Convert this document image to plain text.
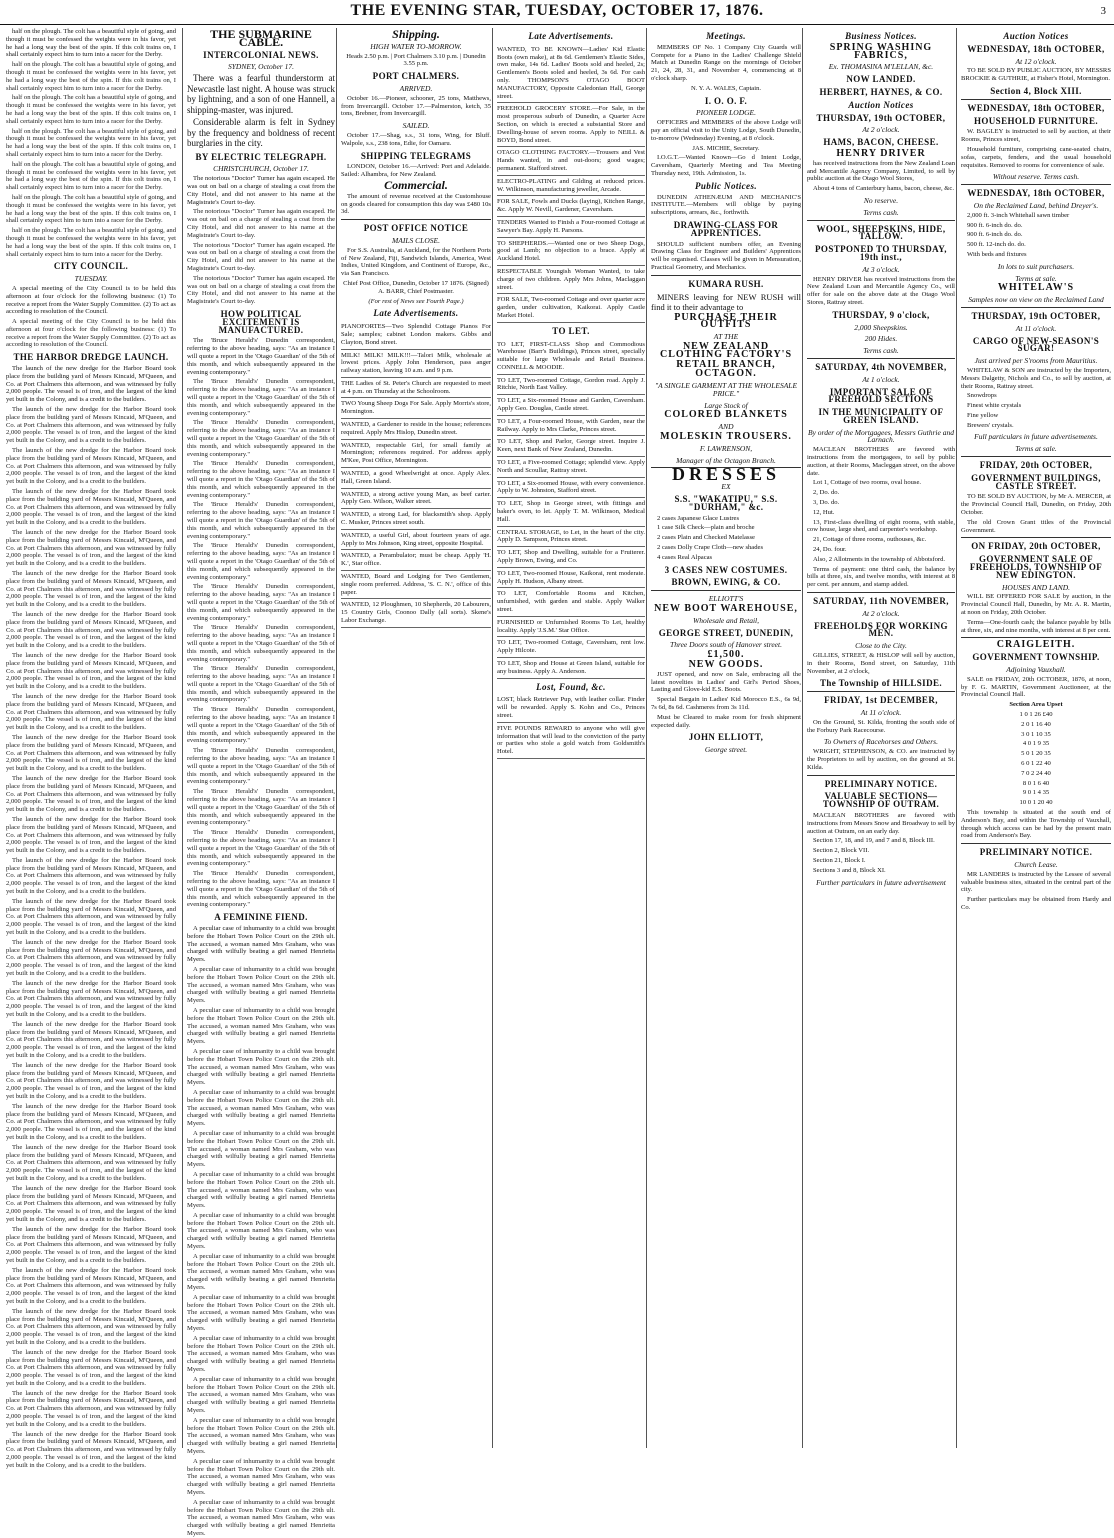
THE EVENING STAR, TUESDAY, OCTOBER 17, 1876.	3

half on the plough. The colt has a beautiful style of going, and though it must be confessed the weights were in his favor, yet he had a long way the best of the spin. If this colt trains on, I shall certainly expect him to turn into a racer for the Derby.

half on the plough. The colt has a beautiful style of going, and though it must be confessed the weights were in his favor, yet he had a long way the best of the spin. If this colt trains on, I shall certainly expect him to turn into a racer for the Derby.

half on the plough. The colt has a beautiful style of going, and though it must be confessed the weights were in his favor, yet he had a long way the best of the spin. If this colt trains on, I shall certainly expect him to turn into a racer for the Derby.

half on the plough. The colt has a beautiful style of going, and though it must be confessed the weights were in his favor, yet he had a long way the best of the spin. If this colt trains on, I shall certainly expect him to turn into a racer for the Derby.

half on the plough. The colt has a beautiful style of going, and though it must be confessed the weights were in his favor, yet he had a long way the best of the spin. If this colt trains on, I shall certainly expect him to turn into a racer for the Derby.

half on the plough. The colt has a beautiful style of going, and though it must be confessed the weights were in his favor, yet he had a long way the best of the spin. If this colt trains on, I shall certainly expect him to turn into a racer for the Derby.

half on the plough. The colt has a beautiful style of going, and though it must be confessed the weights were in his favor, yet he had a long way the best of the spin. If this colt trains on, I shall certainly expect him to turn into a racer for the Derby.

CITY COUNCIL.
TUESDAY.

A special meeting of the City Council is to be held this afternoon at four o'clock for the following business: (1) To receive a report from the Water Supply Committee. (2) To act as according to resolution of the Council.

A special meeting of the City Council is to be held this afternoon at four o'clock for the following business: (1) To receive a report from the Water Supply Committee. (2) To act as according to resolution of the Council.

THE HARBOR DREDGE LAUNCH.

The launch of the new dredge for the Harbor Board took place from the building yard of Messrs Kincaid, M'Queen, and Co. at Port Chalmers this afternoon, and was witnessed by fully 2,000 people. The vessel is of iron, and the largest of the kind yet built in the Colony, and is a credit to the builders.

The launch of the new dredge for the Harbor Board took place from the building yard of Messrs Kincaid, M'Queen, and Co. at Port Chalmers this afternoon, and was witnessed by fully 2,000 people. The vessel is of iron, and the largest of the kind yet built in the Colony, and is a credit to the builders.

The launch of the new dredge for the Harbor Board took place from the building yard of Messrs Kincaid, M'Queen, and Co. at Port Chalmers this afternoon, and was witnessed by fully 2,000 people. The vessel is of iron, and the largest of the kind yet built in the Colony, and is a credit to the builders.

The launch of the new dredge for the Harbor Board took place from the building yard of Messrs Kincaid, M'Queen, and Co. at Port Chalmers this afternoon, and was witnessed by fully 2,000 people. The vessel is of iron, and the largest of the kind yet built in the Colony, and is a credit to the builders.

The launch of the new dredge for the Harbor Board took place from the building yard of Messrs Kincaid, M'Queen, and Co. at Port Chalmers this afternoon, and was witnessed by fully 2,000 people. The vessel is of iron, and the largest of the kind yet built in the Colony, and is a credit to the builders.

The launch of the new dredge for the Harbor Board took place from the building yard of Messrs Kincaid, M'Queen, and Co. at Port Chalmers this afternoon, and was witnessed by fully 2,000 people. The vessel is of iron, and the largest of the kind yet built in the Colony, and is a credit to the builders.

The launch of the new dredge for the Harbor Board took place from the building yard of Messrs Kincaid, M'Queen, and Co. at Port Chalmers this afternoon, and was witnessed by fully 2,000 people. The vessel is of iron, and the largest of the kind yet built in the Colony, and is a credit to the builders.

The launch of the new dredge for the Harbor Board took place from the building yard of Messrs Kincaid, M'Queen, and Co. at Port Chalmers this afternoon, and was witnessed by fully 2,000 people. The vessel is of iron, and the largest of the kind yet built in the Colony, and is a credit to the builders.

The launch of the new dredge for the Harbor Board took place from the building yard of Messrs Kincaid, M'Queen, and Co. at Port Chalmers this afternoon, and was witnessed by fully 2,000 people. The vessel is of iron, and the largest of the kind yet built in the Colony, and is a credit to the builders.

The launch of the new dredge for the Harbor Board took place from the building yard of Messrs Kincaid, M'Queen, and Co. at Port Chalmers this afternoon, and was witnessed by fully 2,000 people. The vessel is of iron, and the largest of the kind yet built in the Colony, and is a credit to the builders.

The launch of the new dredge for the Harbor Board took place from the building yard of Messrs Kincaid, M'Queen, and Co. at Port Chalmers this afternoon, and was witnessed by fully 2,000 people. The vessel is of iron, and the largest of the kind yet built in the Colony, and is a credit to the builders.

The launch of the new dredge for the Harbor Board took place from the building yard of Messrs Kincaid, M'Queen, and Co. at Port Chalmers this afternoon, and was witnessed by fully 2,000 people. The vessel is of iron, and the largest of the kind yet built in the Colony, and is a credit to the builders.

The launch of the new dredge for the Harbor Board took place from the building yard of Messrs Kincaid, M'Queen, and Co. at Port Chalmers this afternoon, and was witnessed by fully 2,000 people. The vessel is of iron, and the largest of the kind yet built in the Colony, and is a credit to the builders.

The launch of the new dredge for the Harbor Board took place from the building yard of Messrs Kincaid, M'Queen, and Co. at Port Chalmers this afternoon, and was witnessed by fully 2,000 people. The vessel is of iron, and the largest of the kind yet built in the Colony, and is a credit to the builders.

The launch of the new dredge for the Harbor Board took place from the building yard of Messrs Kincaid, M'Queen, and Co. at Port Chalmers this afternoon, and was witnessed by fully 2,000 people. The vessel is of iron, and the largest of the kind yet built in the Colony, and is a credit to the builders.

The launch of the new dredge for the Harbor Board took place from the building yard of Messrs Kincaid, M'Queen, and Co. at Port Chalmers this afternoon, and was witnessed by fully 2,000 people. The vessel is of iron, and the largest of the kind yet built in the Colony, and is a credit to the builders.

The launch of the new dredge for the Harbor Board took place from the building yard of Messrs Kincaid, M'Queen, and Co. at Port Chalmers this afternoon, and was witnessed by fully 2,000 people. The vessel is of iron, and the largest of the kind yet built in the Colony, and is a credit to the builders.

The launch of the new dredge for the Harbor Board took place from the building yard of Messrs Kincaid, M'Queen, and Co. at Port Chalmers this afternoon, and was witnessed by fully 2,000 people. The vessel is of iron, and the largest of the kind yet built in the Colony, and is a credit to the builders.

The launch of the new dredge for the Harbor Board took place from the building yard of Messrs Kincaid, M'Queen, and Co. at Port Chalmers this afternoon, and was witnessed by fully 2,000 people. The vessel is of iron, and the largest of the kind yet built in the Colony, and is a credit to the builders.

The launch of the new dredge for the Harbor Board took place from the building yard of Messrs Kincaid, M'Queen, and Co. at Port Chalmers this afternoon, and was witnessed by fully 2,000 people. The vessel is of iron, and the largest of the kind yet built in the Colony, and is a credit to the builders.

The launch of the new dredge for the Harbor Board took place from the building yard of Messrs Kincaid, M'Queen, and Co. at Port Chalmers this afternoon, and was witnessed by fully 2,000 people. The vessel is of iron, and the largest of the kind yet built in the Colony, and is a credit to the builders.

The launch of the new dredge for the Harbor Board took place from the building yard of Messrs Kincaid, M'Queen, and Co. at Port Chalmers this afternoon, and was witnessed by fully 2,000 people. The vessel is of iron, and the largest of the kind yet built in the Colony, and is a credit to the builders.

The launch of the new dredge for the Harbor Board took place from the building yard of Messrs Kincaid, M'Queen, and Co. at Port Chalmers this afternoon, and was witnessed by fully 2,000 people. The vessel is of iron, and the largest of the kind yet built in the Colony, and is a credit to the builders.

The launch of the new dredge for the Harbor Board took place from the building yard of Messrs Kincaid, M'Queen, and Co. at Port Chalmers this afternoon, and was witnessed by fully 2,000 people. The vessel is of iron, and the largest of the kind yet built in the Colony, and is a credit to the builders.

The launch of the new dredge for the Harbor Board took place from the building yard of Messrs Kincaid, M'Queen, and Co. at Port Chalmers this afternoon, and was witnessed by fully 2,000 people. The vessel is of iron, and the largest of the kind yet built in the Colony, and is a credit to the builders.

The launch of the new dredge for the Harbor Board took place from the building yard of Messrs Kincaid, M'Queen, and Co. at Port Chalmers this afternoon, and was witnessed by fully 2,000 people. The vessel is of iron, and the largest of the kind yet built in the Colony, and is a credit to the builders.

The launch of the new dredge for the Harbor Board took place from the building yard of Messrs Kincaid, M'Queen, and Co. at Port Chalmers this afternoon, and was witnessed by fully 2,000 people. The vessel is of iron, and the largest of the kind yet built in the Colony, and is a credit to the builders.

THE SUBMARINE CABLE.
INTERCOLONIAL NEWS.
SYDNEY, October 17.

There was a fearful thunderstorm at Newcastle last night. A house was struck by lightning, and a son of one Hannell, a shipping-master, was injured.

Considerable alarm is felt in Sydney by the frequency and boldness of recent burglaries in the city.

BY ELECTRIC TELEGRAPH.
CHRISTCHURCH, October 17.

The notorious "Doctor" Turner has again escaped. He was out on bail on a charge of stealing a coat from the City Hotel, and did not answer to his name at the Magistrate's Court to-day.

The notorious "Doctor" Turner has again escaped. He was out on bail on a charge of stealing a coat from the City Hotel, and did not answer to his name at the Magistrate's Court to-day.

The notorious "Doctor" Turner has again escaped. He was out on bail on a charge of stealing a coat from the City Hotel, and did not answer to his name at the Magistrate's Court to-day.

The notorious "Doctor" Turner has again escaped. He was out on bail on a charge of stealing a coat from the City Hotel, and did not answer to his name at the Magistrate's Court to-day.

HOW POLITICAL EXCITEMENT IS MANUFACTURED.

The 'Bruce Herald's' Dunedin correspondent, referring to the above heading, says: "As an instance I will quote a report in the 'Otago Guardian' of the 5th of this month, and which subsequently appeared in the evening contemporary."

The 'Bruce Herald's' Dunedin correspondent, referring to the above heading, says: "As an instance I will quote a report in the 'Otago Guardian' of the 5th of this month, and which subsequently appeared in the evening contemporary."

The 'Bruce Herald's' Dunedin correspondent, referring to the above heading, says: "As an instance I will quote a report in the 'Otago Guardian' of the 5th of this month, and which subsequently appeared in the evening contemporary."

The 'Bruce Herald's' Dunedin correspondent, referring to the above heading, says: "As an instance I will quote a report in the 'Otago Guardian' of the 5th of this month, and which subsequently appeared in the evening contemporary."

The 'Bruce Herald's' Dunedin correspondent, referring to the above heading, says: "As an instance I will quote a report in the 'Otago Guardian' of the 5th of this month, and which subsequently appeared in the evening contemporary."

The 'Bruce Herald's' Dunedin correspondent, referring to the above heading, says: "As an instance I will quote a report in the 'Otago Guardian' of the 5th of this month, and which subsequently appeared in the evening contemporary."

The 'Bruce Herald's' Dunedin correspondent, referring to the above heading, says: "As an instance I will quote a report in the 'Otago Guardian' of the 5th of this month, and which subsequently appeared in the evening contemporary."

The 'Bruce Herald's' Dunedin correspondent, referring to the above heading, says: "As an instance I will quote a report in the 'Otago Guardian' of the 5th of this month, and which subsequently appeared in the evening contemporary."

The 'Bruce Herald's' Dunedin correspondent, referring to the above heading, says: "As an instance I will quote a report in the 'Otago Guardian' of the 5th of this month, and which subsequently appeared in the evening contemporary."

The 'Bruce Herald's' Dunedin correspondent, referring to the above heading, says: "As an instance I will quote a report in the 'Otago Guardian' of the 5th of this month, and which subsequently appeared in the evening contemporary."

The 'Bruce Herald's' Dunedin correspondent, referring to the above heading, says: "As an instance I will quote a report in the 'Otago Guardian' of the 5th of this month, and which subsequently appeared in the evening contemporary."

The 'Bruce Herald's' Dunedin correspondent, referring to the above heading, says: "As an instance I will quote a report in the 'Otago Guardian' of the 5th of this month, and which subsequently appeared in the evening contemporary."

The 'Bruce Herald's' Dunedin correspondent, referring to the above heading, says: "As an instance I will quote a report in the 'Otago Guardian' of the 5th of this month, and which subsequently appeared in the evening contemporary."

The 'Bruce Herald's' Dunedin correspondent, referring to the above heading, says: "As an instance I will quote a report in the 'Otago Guardian' of the 5th of this month, and which subsequently appeared in the evening contemporary."

A FEMININE FIEND.

A peculiar case of inhumanity to a child was brought before the Hobart Town Police Court on the 29th ult. The accused, a woman named Mrs Graham, who was charged with wilfully beating a girl named Henrietta Myers.

A peculiar case of inhumanity to a child was brought before the Hobart Town Police Court on the 29th ult. The accused, a woman named Mrs Graham, who was charged with wilfully beating a girl named Henrietta Myers.

A peculiar case of inhumanity to a child was brought before the Hobart Town Police Court on the 29th ult. The accused, a woman named Mrs Graham, who was charged with wilfully beating a girl named Henrietta Myers.

A peculiar case of inhumanity to a child was brought before the Hobart Town Police Court on the 29th ult. The accused, a woman named Mrs Graham, who was charged with wilfully beating a girl named Henrietta Myers.

A peculiar case of inhumanity to a child was brought before the Hobart Town Police Court on the 29th ult. The accused, a woman named Mrs Graham, who was charged with wilfully beating a girl named Henrietta Myers.

A peculiar case of inhumanity to a child was brought before the Hobart Town Police Court on the 29th ult. The accused, a woman named Mrs Graham, who was charged with wilfully beating a girl named Henrietta Myers.

A peculiar case of inhumanity to a child was brought before the Hobart Town Police Court on the 29th ult. The accused, a woman named Mrs Graham, who was charged with wilfully beating a girl named Henrietta Myers.

A peculiar case of inhumanity to a child was brought before the Hobart Town Police Court on the 29th ult. The accused, a woman named Mrs Graham, who was charged with wilfully beating a girl named Henrietta Myers.

A peculiar case of inhumanity to a child was brought before the Hobart Town Police Court on the 29th ult. The accused, a woman named Mrs Graham, who was charged with wilfully beating a girl named Henrietta Myers.

A peculiar case of inhumanity to a child was brought before the Hobart Town Police Court on the 29th ult. The accused, a woman named Mrs Graham, who was charged with wilfully beating a girl named Henrietta Myers.

A peculiar case of inhumanity to a child was brought before the Hobart Town Police Court on the 29th ult. The accused, a woman named Mrs Graham, who was charged with wilfully beating a girl named Henrietta Myers.

A peculiar case of inhumanity to a child was brought before the Hobart Town Police Court on the 29th ult. The accused, a woman named Mrs Graham, who was charged with wilfully beating a girl named Henrietta Myers.

A peculiar case of inhumanity to a child was brought before the Hobart Town Police Court on the 29th ult. The accused, a woman named Mrs Graham, who was charged with wilfully beating a girl named Henrietta Myers.

A peculiar case of inhumanity to a child was brought before the Hobart Town Police Court on the 29th ult. The accused, a woman named Mrs Graham, who was charged with wilfully beating a girl named Henrietta Myers.

A peculiar case of inhumanity to a child was brought before the Hobart Town Police Court on the 29th ult. The accused, a woman named Mrs Graham, who was charged with wilfully beating a girl named Henrietta Myers.

Shipping.
HIGH WATER TO-MORROW.

Heads 2.50 p.m. | Port Chalmers 3.10 p.m. | Dunedin 3.55 p.m.

PORT CHALMERS.
ARRIVED.

October 16.—Pioneer, schooner, 25 tons, Matthews, from Invercargill. October 17.—Palmerston, ketch, 35 tons, Brebner, from Invercargill.

SAILED.

October 17.—Shag, s.s., 31 tons, Wing, for Bluff. Walpole, s.s., 238 tons, Edie, for Oamaru.

SHIPPING TELEGRAMS

LONDON, October 16.—Arrived: Port and Adelaide. Sailed: Alhambra, for New Zealand.

Commercial.

The amount of revenue received at the Customhouse on goods cleared for consumption this day was £480 10s 3d.

POST OFFICE NOTICE
MAILS CLOSE.

For S.S. Australia, at Auckland, for the Northern Ports of New Zealand, Fiji, Sandwich Islands, America, West Indies, United Kingdom, and Continent of Europe, &c., via San Francisco.

Chief Post Office, Dunedin, October 17 1876. (Signed) A. BARR, Chief Postmaster.

(For rest of News see Fourth Page.)

Late Advertisements.
PIANOFORTES—Two Splendid Cottage Pianos For Sale; samples; cabinet London makers. Gibbs and Clayton, Bond street.
MILK! MILK! MILK!!!—Talori Milk, wholesale at lowest prices. Apply John Henderson, pass anger railway station, leaving 10 a.m. and 9 p.m.
THE Ladies of St. Peter's Church are requested to meet at 4 p.m. on Thursday at the Schoolroom.
TWO Young Sheep Dogs For Sale. Apply Morris's store, Mornington.
WANTED, a Gardener to reside in the house; references required. Apply Mrs Hislop, Dunedin street.
WANTED, respectable Girl, for small family at Mornington; references required. For address apply M'Kee, Post Office, Mornington.
WANTED, a good Wheelwright at once. Apply Alex. Hall, Green Island.
WANTED, a strong active young Man, as beef carter. Apply Geo. Wilson, Walker street.
WANTED, a strong Lad, for blacksmith's shop. Apply C. Musker, Princes street south.
WANTED, a useful Girl, about fourteen years of age. Apply to Mrs Johnson, King street, opposite Hospital.
WANTED, a Perambulator; must be cheap. Apply 'H. K.', Star office.
WANTED, Board and Lodging for Two Gentlemen, single room preferred. Address, 'S. C. N.', office of this paper.
WANTED, 12 Ploughmen, 10 Shepherds, 20 Labourers, 15 Country Girls, Coonoo Dally (all sorts). Skene's Labor Exchange.
Late Advertisements.
WANTED, TO BE KNOWN—Ladies' Kid Elastic Boots (own make), at 8s 6d. Gentlemen's Elastic Sides, own make, 14s 6d. Ladies' Boots sold and heeled, 2s; Gentlemen's Boots soled and heeled, 3s 6d. For cash only. THOMPSON'S OTAGO BOOT MANUFACTORY, Opposite Caledonian Hall, George street.
FREEHOLD GROCERY STORE.—For Sale, in the most prosperous suburb of Dunedin, a Quarter Acre Section, on which is erected a substantial Store and Dwelling-house of seven rooms. Apply to NEILL & BOYD, Bond street.
OTAGO CLOTHING FACTORY.—Trousers and Vest Hands wanted, in and out-doors; good wages; permanent. Stafford street.
ELECTRO-PLATING and Gilding at reduced prices. W. Wilkinson, manufacturing jeweller, Arcade.
FOR SALE, Fowls and Ducks (laying), Kitchen Range, &c. Apply W. Nevill, Gardener, Caversham.
TENDERS Wanted to Finish a Four-roomed Cottage at Sawyer's Bay. Apply H. Parsons.
TO SHEPHERDS.—Wanted one or two Sheep Dogs, good at Lamb; no objection to a brace. Apply at Auckland Hotel.
RESPECTABLE Youngish Woman Wanted, to take charge of two children. Apply Mrs Johns, Maclaggan street.
FOR SALE, Two-roomed Cottage and over quarter acre garden, under cultivation, Kaikorai. Apply Castle Market Hotel.
TO LET.
TO LET, FIRST-CLASS Shop and Commodious Warehouse (Barr's Buildings), Princes street, specially suitable for large Wholesale and Retail Business. CONNELL & MOODIE.
TO LET, Two-roomed Cottage, Gordon road. Apply J. Ritchie, North East Valley.
TO LET, a Six-roomed House and Garden, Caversham. Apply Geo. Douglas, Castle street.
TO LET, a Four-roomed House, with Garden, near the Railway. Apply to Mrs Clarke, Princes street.
TO LET, Shop and Parlor, George street. Inquire J. Keen, next Bank of New Zealand, Dunedin.
TO LET, a Five-roomed Cottage; splendid view. Apply North and Scoullar, Rattray street.
TO LET, a Six-roomed House, with every convenience. Apply to W. Johnston, Stafford street.
TO LET, Shop in George street, with fittings and baker's oven, to let. Apply T. M. Wilkinson, Medical Hall.
CENTRAL STORAGE, to Let, in the heart of the city. Apply D. Sampson, Princes street.
TO LET, Shop and Dwelling, suitable for a Fruiterer. Apply Brown, Ewing, and Co.
TO LET, Two-roomed House, Kaikorai, rent moderate. Apply H. Hudson, Albany street.
TO LET, Comfortable Rooms and Kitchen, unfurnished, with garden and stable. Apply Walker street.
FURNISHED or Unfurnished Rooms To Let, healthy locality. Apply 'J.S.M.' Star Office.
TO LET, Two-roomed Cottage, Caversham, rent low. Apply Hilcote.
TO LET, Shop and House at Green Island, suitable for any business. Apply A. Anderson.
Lost, Found, &c.
LOST, black Retriever Pup, with leather collar. Finder will be rewarded. Apply S. Kohn and Co., Princes street.
FIVE POUNDS REWARD to anyone who will give information that will lead to the conviction of the party or parties who stole a gold watch from Goldsmith's Hotel.
Meetings.

MEMBERS OF No. 1 Company City Guards will Compete for a Piano in the Ladies' Challenge Shield Match at Dunedin Range on the mornings of October 21, 24, 28, 31, and November 4, commencing at 8 o'clock sharp.

N. Y. A. WALES, Captain.

I. O. O. F.
PIONEER LODGE.

OFFICERS and MEMBERS of the above Lodge will pay an official visit to the Unity Lodge, South Dunedin, to-morrow (Wednesday) Evening, at 8 o'clock.

JAS. MICHIE, Secretary.

I.O.G.T.—Wanted Known—Go d Intent Lodge, Caversham, Quarterly Meeting and Tea Meeting Thursday next, 19th. Admission, 1s.

Public Notices.

DUNEDIN ATHENÆUM AND MECHANIC'S INSTITUTE.—Members will oblige by paying subscriptions, arrears, &c., forthwith.

DRAWING-CLASS FOR APPRENTICES.

SHOULD sufficient numbers offer, an Evening Drawing Class for Engineer and Builders' Apprentices will be organised. Classes will be given in Mensuration, Practical Geometry, and Mechanics.

KUMARA RUSH.

MINERS leaving for NEW RUSH will find it to their advantage to

PURCHASE THEIR OUTFITS
AT THE
NEW ZEALAND CLOTHING FACTORY'S
RETAIL BRANCH,
OCTAGON.
"A SINGLE GARMENT AT THE WHOLESALE PRICE."
Large Stock of
COLORED BLANKETS
AND
MOLESKIN TROUSERS.
F. LAWRENSON,
Manager of the Octagon Branch.
DRESSES
EX
S.S. "WAKATIPU," S.S. "DURHAM," &c.

2 cases Japanese Glace Lustres

1 case Silk Check—plain and broche

2 cases Plain and Checked Matelasse

2 cases Dolly Crape Cloth—new shades

4 cases Real Alpacas

3 CASES NEW COSTUMES.
BROWN, EWING, & CO.
ELLIOTT'S
NEW BOOT WAREHOUSE,
Wholesale and Retail,
GEORGE STREET, DUNEDIN,
Three Doors south of Hanover street.
£1,500.
NEW GOODS.

JUST opened, and now on Sale, embracing all the latest novelties in Ladies' and Girl's Period Shoes, Lasting and Glove-kid E.S. Boots.

Special Bargain in Ladies' Kid Morocco E.S., 6s 9d, 7s 6d, 8s 6d. Cashmeres from 3s 11d.

Must be Cleared to make room for fresh shipment expected daily.

JOHN ELLIOTT,
George street.
Business Notices.
SPRING WASHING FABRICS,
Ex. THOMASINA M'LELLAN, &c.
NOW LANDED.
HERBERT, HAYNES, & CO.
Auction Notices
THURSDAY, 19th OCTOBER,
At 2 o'clock.
HAMS, BACON, CHEESE.
HENRY DRIVER

has received instructions from the New Zealand Loan and Mercantile Agency Company, Limited, to sell by public auction at the Otago Wool Stores,

About 4 tons of Canterbury hams, bacon, cheese, &c.

No reserve.
Terms cash.
WOOL, SHEEPSKINS, HIDE, TALLOW.
POSTPONED TO THURSDAY, 19th inst.,
At 3 o'clock.

HENRY DRIVER has received instructions from the New Zealand Loan and Mercantile Agency Co., will offer for sale on the above date at the Otago Wool Stores, Rattray street.

THURSDAY, 9 o'clock,
2,000 Sheepskins.
200 Hides.
Terms cash.
SATURDAY, 4th NOVEMBER,
At 1 o'clock.
IMPORTANT SALE OF FREEHOLD SECTIONS
IN THE MUNICIPALITY OF GREEN ISLAND.
By order of the Mortgagees, Messrs Guthrie and Larnach.

MACLEAN BROTHERS are favored with instructions from the mortgagees, to sell by public auction, at their Rooms, Macleggan street, on the above date.

Lot 1, Cottage of two rooms, oval house.

2, Do. do.

3, Do. do.

12, Hut.

13, First-class dwelling of eight rooms, with stable, cow house, large shed, and carpenter's workshop.

21, Cottage of three rooms, outhouses, &c.

24, Do. four.

Also, 2 Allotments in the township of Abbotsford.

Terms of payment: one third cash, the balance by bills at three, six, and twelve months, with interest at 8 per cent. per annum, and stamp added.

SATURDAY, 11th NOVEMBER,
At 2 o'clock.
FREEHOLDS FOR WORKING MEN.
Close to the City.

GILLIES, STREET, & HISLOP will sell by auction, in their Rooms, Bond street, on Saturday, 11th November, at 2 o'clock,

The Township of HILLSIDE.
FRIDAY, 1st DECEMBER,
At 11 o'clock.

On the Ground, St. Kilda, fronting the south side of the Forbury Park Racecourse.

To Owners of Racehorses and Others.

WRIGHT, STEPHENSON, & CO. are instructed by the Proprietors to sell by auction, on the ground at St. Kilda.

PRELIMINARY NOTICE.
VALUABLE SECTIONS—TOWNSHIP OF OUTRAM.

MACLEAN BROTHERS are favored with instructions from Messrs Snow and Broadway to sell by auction at Outram, on an early day.

Section 17, 18, and 19, and 7 and 8, Block III.

Section 2, Block VII.

Section 21, Block I.

Sections 3 and 8, Block XI.

Further particulars in future advertisement
Auction Notices
WEDNESDAY, 18th OCTOBER,
At 12 o'clock.

TO BE SOLD BY PUBLIC AUCTION, BY MESSRS BROCKIE & GUTHRIE, at Fisher's Hotel, Mornington.

Section 4, Block XIII.
WEDNESDAY, 18th OCTOBER,
HOUSEHOLD FURNITURE.

W. BAGLEY is instructed to sell by auction, at their Rooms, Princes street,

Household furniture, comprising cane-seated chairs, sofas, carpets, fenders, and the usual household requisites. Removed to rooms for convenience of sale.

Without reserve. Terms cash.
WEDNESDAY, 18th OCTOBER,
On the Reclaimed Land, behind Dreyer's.

2,000 ft. 3-inch Whitehall sawn timber

900 ft. 6-inch do. do.

900 ft. 6-inch do. do.

500 ft. 12-inch do. do.

With beds and fixtures

In lots to suit purchasers.
Terms at sale.
WHITELAW'S
Samples now on view on the Reclaimed Land
THURSDAY, 19th OCTOBER,
At 11 o'clock.
CARGO OF NEW-SEASON'S SUGAR!
Just arrived per S'rooms from Mauritius.

WHITELAW & SON are instructed by the Importers, Messrs Dalgetty, Nichols and Co., to sell by auction, at their Rooms, Rattray street.

Snowdrops

Finest white crystals

Fine yellow

Brewers' crystals.

Full particulars in future advertisements.
Terms at sale.
FRIDAY, 20th OCTOBER,
GOVERNMENT BUILDINGS, CASTLE STREET.

TO BE SOLD BY AUCTION, by Mr A. MERCER, at the Provincial Council Hall, Dunedin, on Friday, 20th October.

The old Crown Grant titles of the Provincial Government.

ON FRIDAY, 20th OCTOBER,
GOVERNMENT SALE OF FREEHOLDS, TOWNSHIP OF NEW EDINGTON.
HOUSES AND LAND.

WILL BE OFFERED FOR SALE by auction, in the Provincial Council Hall, Dunedin, by Mr. A. R. Martin, at noon on Friday, 20th October.

Terms—One-fourth cash; the balance payable by bills at three, six, and nine months, with interest at 8 per cent.

CRAIGLEITH.
GOVERNMENT TOWNSHIP.
Adjoining Vauxhall.

SALE on FRIDAY, 20th OCTOBER, 1876, at noon, by F. G. MARTIN, Government Auctioneer, at the Provincial Council Hall.

Section Area Upset

1 0 1 26 £40

2 0 1 16 40

3 0 1 10 35

4 0 1 9 35

5 0 1 20 35

6 0 1 22 40

7 0 2 24 40

8 0 1 6 40

9 0 1 4 35

10 0 1 20 40

This township is situated at the south end of Anderson's Bay, and within the Township of Vauxhall, through which access can be had by the present main road from Anderson's Bay.

PRELIMINARY NOTICE.
Church Lease.

MR LANDERS is instructed by the Lessee of several valuable business sites, situated in the central part of the city.

Further particulars may be obtained from Hardy and Co.
